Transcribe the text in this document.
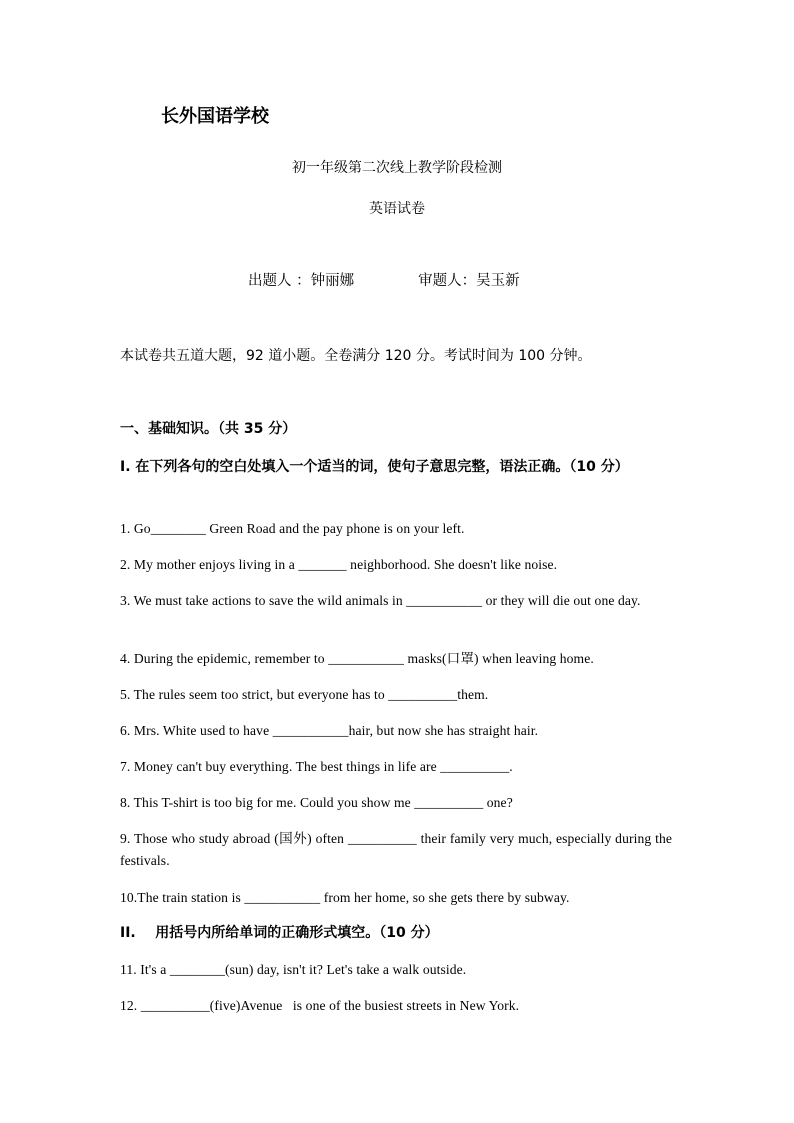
长外国语学校
初一年级第二次线上教学阶段检测
英语试卷
出题人 ：钟丽娜	审题人：吴玉新
本试卷共五道大题，92 道小题。全卷满分 120 分。考试时间为 100 分钟。
一、基础知识。（共 35 分）
I. 在下列各句的空白处填入一个适当的词，使句子意思完整，语法正确。（10 分）
1. Go________ Green Road and the pay phone is on your left.
2. My mother enjoys living in a _______ neighborhood. She doesn't like noise.
3. We must take actions to save the wild animals in ___________ or they will die out one day.
4. During the epidemic, remember to ___________ masks(口罩) when leaving home.
5. The rules seem too strict, but everyone has to __________them.
6. Mrs. White used to have ___________hair, but now she has straight hair.
7. Money can't buy everything. The best things in life are __________.
8. This T-shirt is too big for me. Could you show me __________ one?
9. Those who study abroad (国外) often __________ their family very much, especially during the festivals.
10.The train station is ___________ from her home, so she gets there by subway.
II.    用括号内所给单词的正确形式填空。（10 分）
11. It's a ________(sun) day, isn't it? Let's take a walk outside.
12. __________(five)Avenue   is one of the busiest streets in New York.
